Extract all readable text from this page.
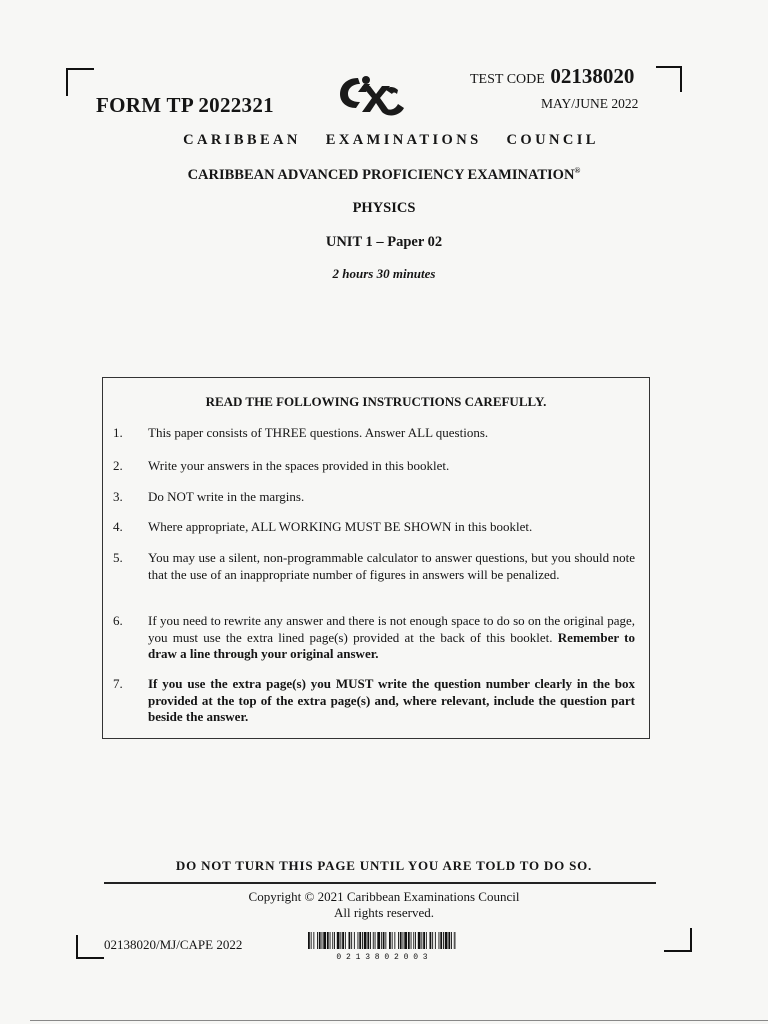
FORM TP 2022321
TEST CODE 02138020
MAY/JUNE 2022
CARIBBEAN EXAMINATIONS COUNCIL
CARIBBEAN ADVANCED PROFICIENCY EXAMINATION®
PHYSICS
UNIT 1 – Paper 02
2 hours 30 minutes
READ THE FOLLOWING INSTRUCTIONS CAREFULLY.
1. This paper consists of THREE questions. Answer ALL questions.
2. Write your answers in the spaces provided in this booklet.
3. Do NOT write in the margins.
4. Where appropriate, ALL WORKING MUST BE SHOWN in this booklet.
5. You may use a silent, non-programmable calculator to answer questions, but you should note that the use of an inappropriate number of figures in answers will be penalized.
6. If you need to rewrite any answer and there is not enough space to do so on the original page, you must use the extra lined page(s) provided at the back of this booklet. Remember to draw a line through your original answer.
7. If you use the extra page(s) you MUST write the question number clearly in the box provided at the top of the extra page(s) and, where relevant, include the question part beside the answer.
DO NOT TURN THIS PAGE UNTIL YOU ARE TOLD TO DO SO.
Copyright © 2021 Caribbean Examinations Council
All rights reserved.
02138020/MJ/CAPE 2022
0 2 1 3 8 0 2 0 0 3
